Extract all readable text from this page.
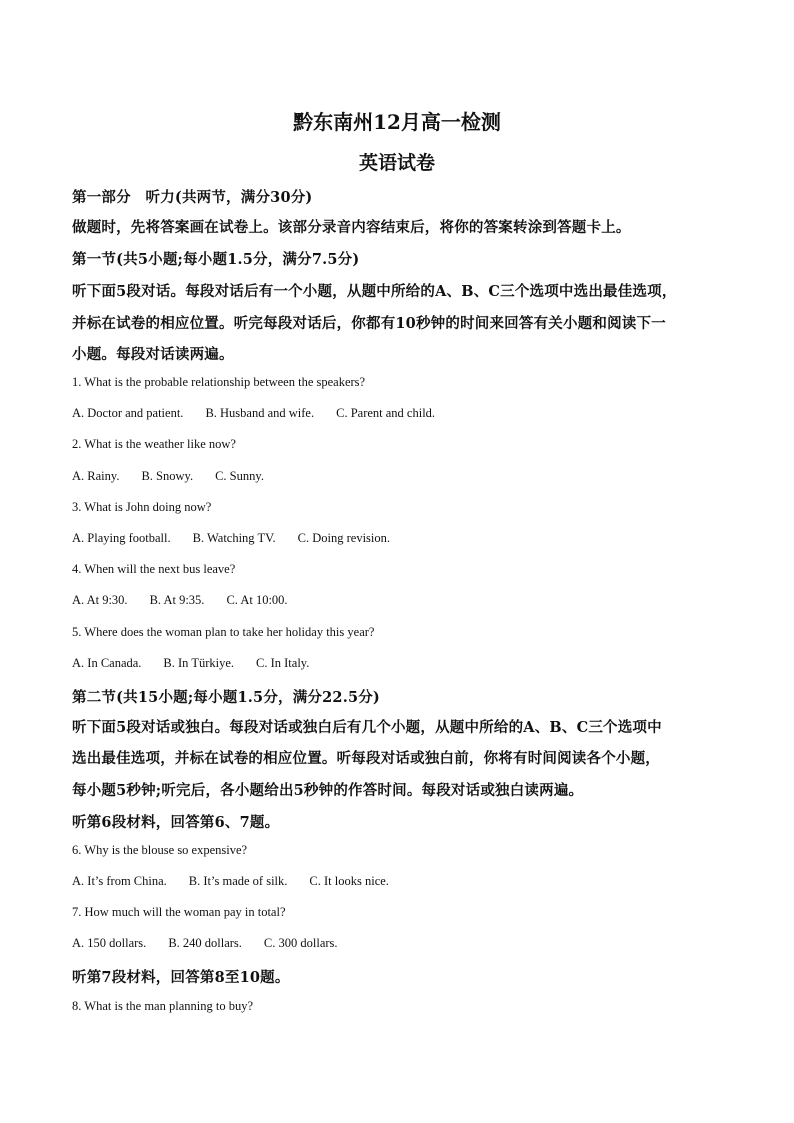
黔东南州12月高一检测
英语试卷
第一部分　听力(共两节，满分30分)
做题时，先将答案画在试卷上。该部分录音内容结束后，将你的答案转涂到答题卡上。
第一节(共5小题;每小题1.5分，满分7.5分)
听下面5段对话。每段对话后有一个小题，从题中所给的A、B、C三个选项中选出最佳选项，
并标在试卷的相应位置。听完每段对话后，你都有10秒钟的时间来回答有关小题和阅读下一
小题。每段对话读两遍。
1. What is the probable relationship between the speakers?
A. Doctor and patient. B. Husband and wife. C. Parent and child.
2. What is the weather like now?
A. Rainy. B. Snowy. C. Sunny.
3. What is John doing now?
A. Playing football. B. Watching TV. C. Doing revision.
4. When will the next bus leave?
A. At 9:30. B. At 9:35. C. At 10:00.
5. Where does the woman plan to take her holiday this year?
A. In Canada. B. In Türkiye. C. In Italy.
第二节(共15小题;每小题1.5分，满分22.5分)
听下面5段对话或独白。每段对话或独白后有几个小题，从题中所给的A、B、C三个选项中
选出最佳选项，并标在试卷的相应位置。听每段对话或独白前，你将有时间阅读各个小题，
每小题5秒钟;听完后，各小题给出5秒钟的作答时间。每段对话或独白读两遍。
听第6段材料，回答第6、7题。
6. Why is the blouse so expensive?
A. It’s from China. B. It’s made of silk. C. It looks nice.
7. How much will the woman pay in total?
A. 150 dollars. B. 240 dollars. C. 300 dollars.
听第7段材料，回答第8至10题。
8. What is the man planning to buy?
